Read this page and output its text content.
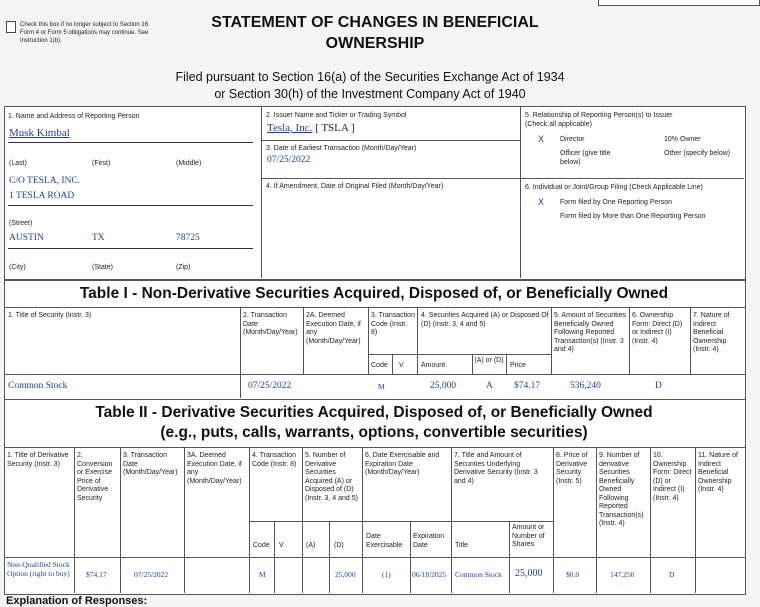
Check this box if no longer subject to Section 16. Form 4 or Form 5 obligations may continue. See Instruction 1(b).
STATEMENT OF CHANGES IN BENEFICIAL
OWNERSHIP
Filed pursuant to Section 16(a) of the Securities Exchange Act of 1934
or Section 30(h) of the Investment Company Act of 1940
1. Name and Address of Reporting Person
Musk Kimbal
(Last)	(First)	(Middle)
C/O TESLA, INC.
1 TESLA ROAD
(Street)
AUSTIN	TX	78725
(City)	(State)	(Zip)
2. Issuer Name and Ticker or Trading Symbol
Tesla, Inc. [ TSLA ]
3. Date of Earliest Transaction (Month/Day/Year)
07/25/2022
4. If Amendment, Date of Original Filed (Month/Day/Year)
5. Relationship of Reporting Person(s) to Issuer
(Check all applicable)
X Director	10% Owner
Officer (give title below)
Other (specify below)
6. Individual or Joint/Group Filing (Check Applicable Line)
X Form filed by One Reporting Person
Form filed by More than One Reporting Person
Table I - Non-Derivative Securities Acquired, Disposed of, or Beneficially Owned
1. Title of Security (Instr. 3)	2. Transaction Date (Month/Day/Year)
2A. Deemed Execution Date, if any (Month/Day/Year)
3. Transaction Code (Instr. 8)
4. Securities Acquired (A) or Disposed Of (D) (Instr. 3, 4 and 5)
5. Amount of Securities Beneficially Owned Following Reported Transaction(s) (Instr. 3 and 4)
6. Ownership Form: Direct (D) or Indirect (I) (Instr. 4)
7. Nature of Indirect Beneficial Ownership (Instr. 4)
Code V Amount
(A) or (D)
Price
Common Stock	07/25/2022	M	25,000	A $74.17	536,240	D
Table II - Derivative Securities Acquired, Disposed of, or Beneficially Owned
(e.g., puts, calls, warrants, options, convertible securities)
1. Title of Derivative Security (Instr. 3)
2. Conversion or Exercise Price of Derivative Security
3. Transaction Date (Month/Day/Year)
3A. Deemed Execution Date, if any (Month/Day/Year)
4. Transaction Code (Instr. 8)
5. Number of Derivative Securities Acquired (A) or Disposed of (D) (Instr. 3, 4 and 5)
6. Date Exercisable and Expiration Date (Month/Day/Year)
7. Title and Amount of Securities Underlying Derivative Security (Instr. 3 and 4)
8. Price of Derivative Security (Instr. 5)
9. Number of derivative Securities Beneficially Owned Following Reported Transaction(s) (Instr. 4)
10. Ownership Form: Direct (D) or Indirect (I) (Instr. 4)
11. Nature of Indirect Beneficial Ownership (Instr. 4)
Code V	(A)	(D)
Date Exercisable
Expiration Date	Title
Amount or Number of Shares
Non-Qualified Stock Option (right to buy)	$74.17	07/25/2022	M	25,000	(1)	06/18/2025 Common Stock 25,000	$0.0	147,250	D
Explanation of Responses:
